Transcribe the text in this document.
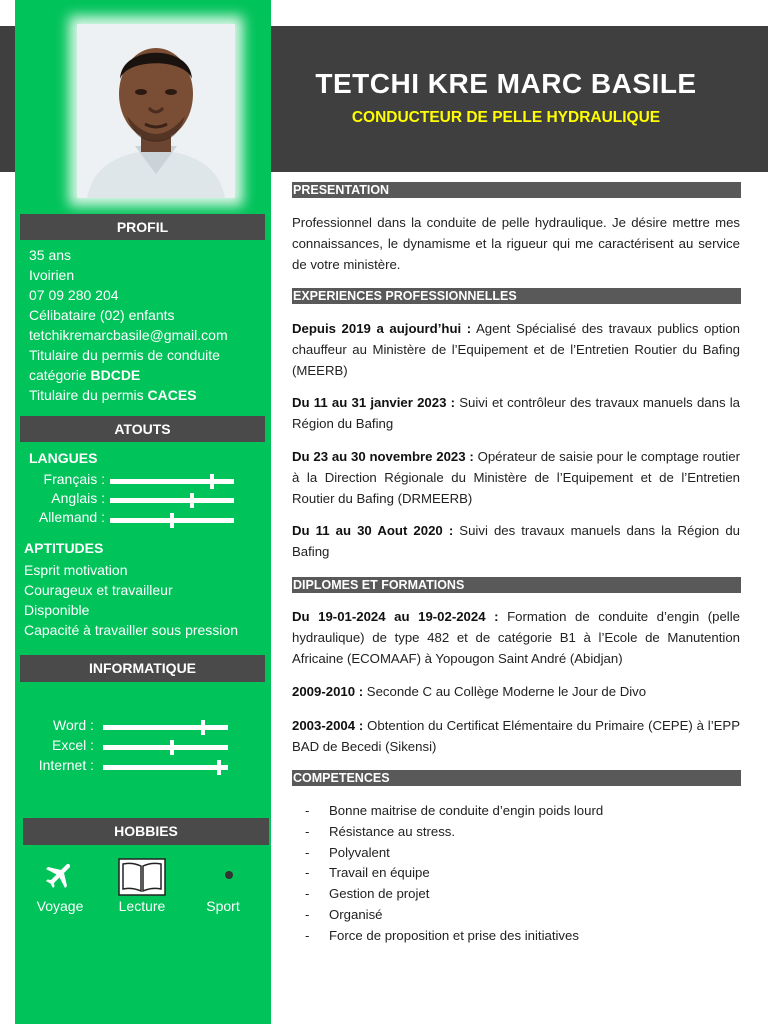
PROFIL
35 ans
Ivoirien
07 09 280 204
Célibataire (02) enfants
tetchikremarcbasile@gmail.com
Titulaire du permis de conduite
catégorie BDCDE
Titulaire du permis CACES
ATOUTS
LANGUES
Français :
Anglais :
Allemand :
APTITUDES
Esprit motivation
Courageux et travailleur
Disponible
Capacité à travailler sous pression
INFORMATIQUE
Word :
Excel :
Internet :
HOBBIES
Voyage	Lecture	Sport
TETCHI KRE MARC BASILE
CONDUCTEUR DE PELLE HYDRAULIQUE
PRESENTATION
Professionnel dans la conduite de pelle hydraulique. Je désire mettre mes connaissances, le dynamisme et la rigueur qui me caractérisent au service de votre ministère.
EXPERIENCES PROFESSIONNELLES
Depuis 2019 a aujourd’hui : Agent Spécialisé des travaux publics option chauffeur au Ministère de l’Equipement et de l’Entretien Routier du Bafing (MEERB)
Du 11 au 31 janvier 2023 : Suivi et contrôleur des travaux manuels dans la Région du Bafing
Du 23 au 30 novembre 2023 : Opérateur de saisie pour le comptage routier à la Direction Régionale du Ministère de l’Equipement et de l’Entretien Routier du Bafing (DRMEERB)
Du 11 au 30 Aout 2020 : Suivi des travaux manuels dans la Région du Bafing
DIPLOMES ET FORMATIONS
Du 19-01-2024 au 19-02-2024 : Formation de conduite d’engin (pelle hydraulique) de type 482 et de catégorie B1 à l’Ecole de Manutention Africaine (ECOMAAF) à Yopougon Saint André (Abidjan)
2009-2010 : Seconde C au Collège Moderne le Jour de Divo
2003-2004 : Obtention du Certificat Elémentaire du Primaire (CEPE) à l’EPP BAD de Becedi (Sikensi)
COMPETENCES
- Bonne maitrise de conduite d’engin poids lourd
- Résistance au stress.
- Polyvalent
- Travail en équipe
- Gestion de projet
- Organisé
- Force de proposition et prise des initiatives
